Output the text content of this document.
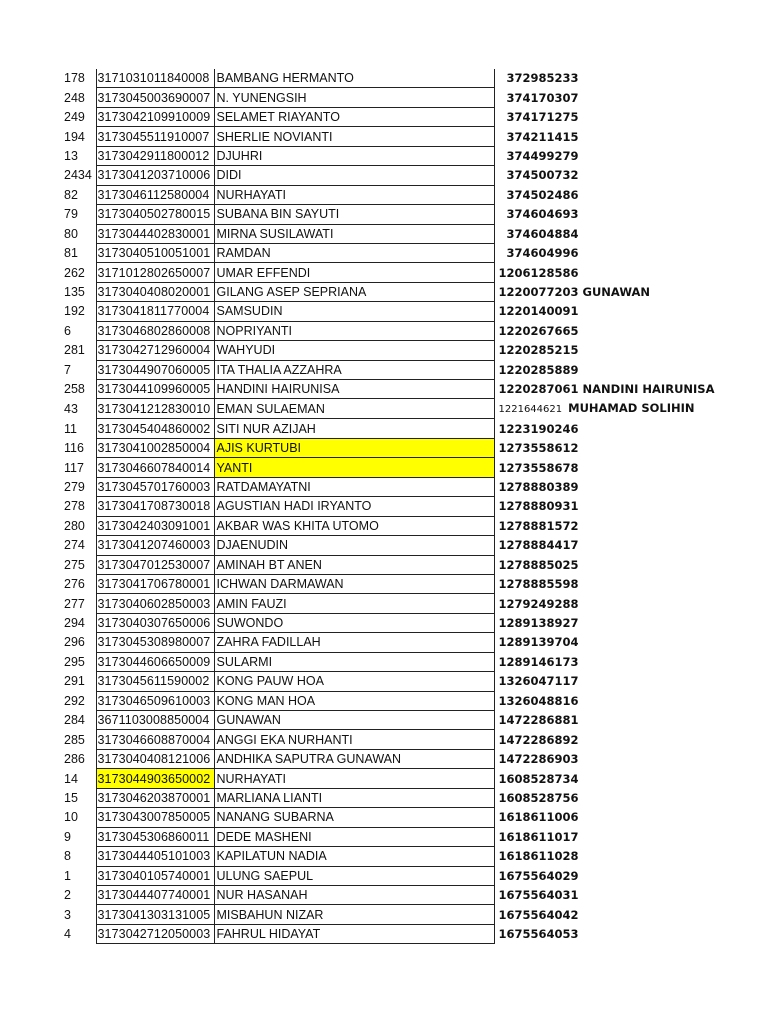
178	3171031011840008	BAMBANG HERMANTO	372985233
248	3173045003690007	N. YUNENGSIH	374170307
249	3173042109910009	SELAMET RIAYANTO	374171275
194	3173045511910007	SHERLIE NOVIANTI	374211415
13	3173042911800012	DJUHRI	374499279
2434	3173041203710006	DIDI	374500732
82	3173046112580004	NURHAYATI	374502486
79	3173040502780015	SUBANA BIN SAYUTI	374604693
80	3173044402830001	MIRNA SUSILAWATI	374604884
81	3173040510051001	RAMDAN	374604996
262	3171012802650007	UMAR EFFENDI	1206128586
135	3173040408020001	GILANG ASEP SEPRIANA	1220077203 GUNAWAN
192	3173041811770004	SAMSUDIN	1220140091
6	3173046802860008	NOPRIYANTI	1220267665
281	3173042712960004	WAHYUDI	1220285215
7	3173044907060005	ITA THALIA AZZAHRA	1220285889
258	3173044109960005	HANDINI HAIRUNISA	1220287061 NANDINI HAIRUNISA
43	3173041212830010	EMAN SULAEMAN	1221644621 MUHAMAD SOLIHIN
11	3173045404860002	SITI NUR AZIJAH	1223190246
116	3173041002850004	AJIS KURTUBI	1273558612
117	3173046607840014	YANTI	1273558678
279	3173045701760003	RATDAMAYATNI	1278880389
278	3173041708730018	AGUSTIAN HADI IRYANTO	1278880931
280	3173042403091001	AKBAR WAS KHITA UTOMO	1278881572
274	3173041207460003	DJAENUDIN	1278884417
275	3173047012530007	AMINAH BT ANEN	1278885025
276	3173041706780001	ICHWAN DARMAWAN	1278885598
277	3173040602850003	AMIN FAUZI	1279249288
294	3173040307650006	SUWONDO	1289138927
296	3173045308980007	ZAHRA FADILLAH	1289139704
295	3173044606650009	SULARMI	1289146173
291	3173045611590002	KONG PAUW HOA	1326047117
292	3173046509610003	KONG MAN HOA	1326048816
284	3671103008850004	GUNAWAN	1472286881
285	3173046608870004	ANGGI EKA NURHANTI	1472286892
286	3173040408121006	ANDHIKA SAPUTRA GUNAWAN	1472286903
14	3173044903650002	NURHAYATI	1608528734
15	3173046203870001	MARLIANA LIANTI	1608528756
10	3173043007850005	NANANG SUBARNA	1618611006
9	3173045306860011	DEDE MASHENI	1618611017
8	3173044405101003	KAPILATUN NADIA	1618611028
1	3173040105740001	ULUNG SAEPUL	1675564029
2	3173044407740001	NUR HASANAH	1675564031
3	3173041303131005	MISBAHUN NIZAR	1675564042
4	3173042712050003	FAHRUL HIDAYAT	1675564053
